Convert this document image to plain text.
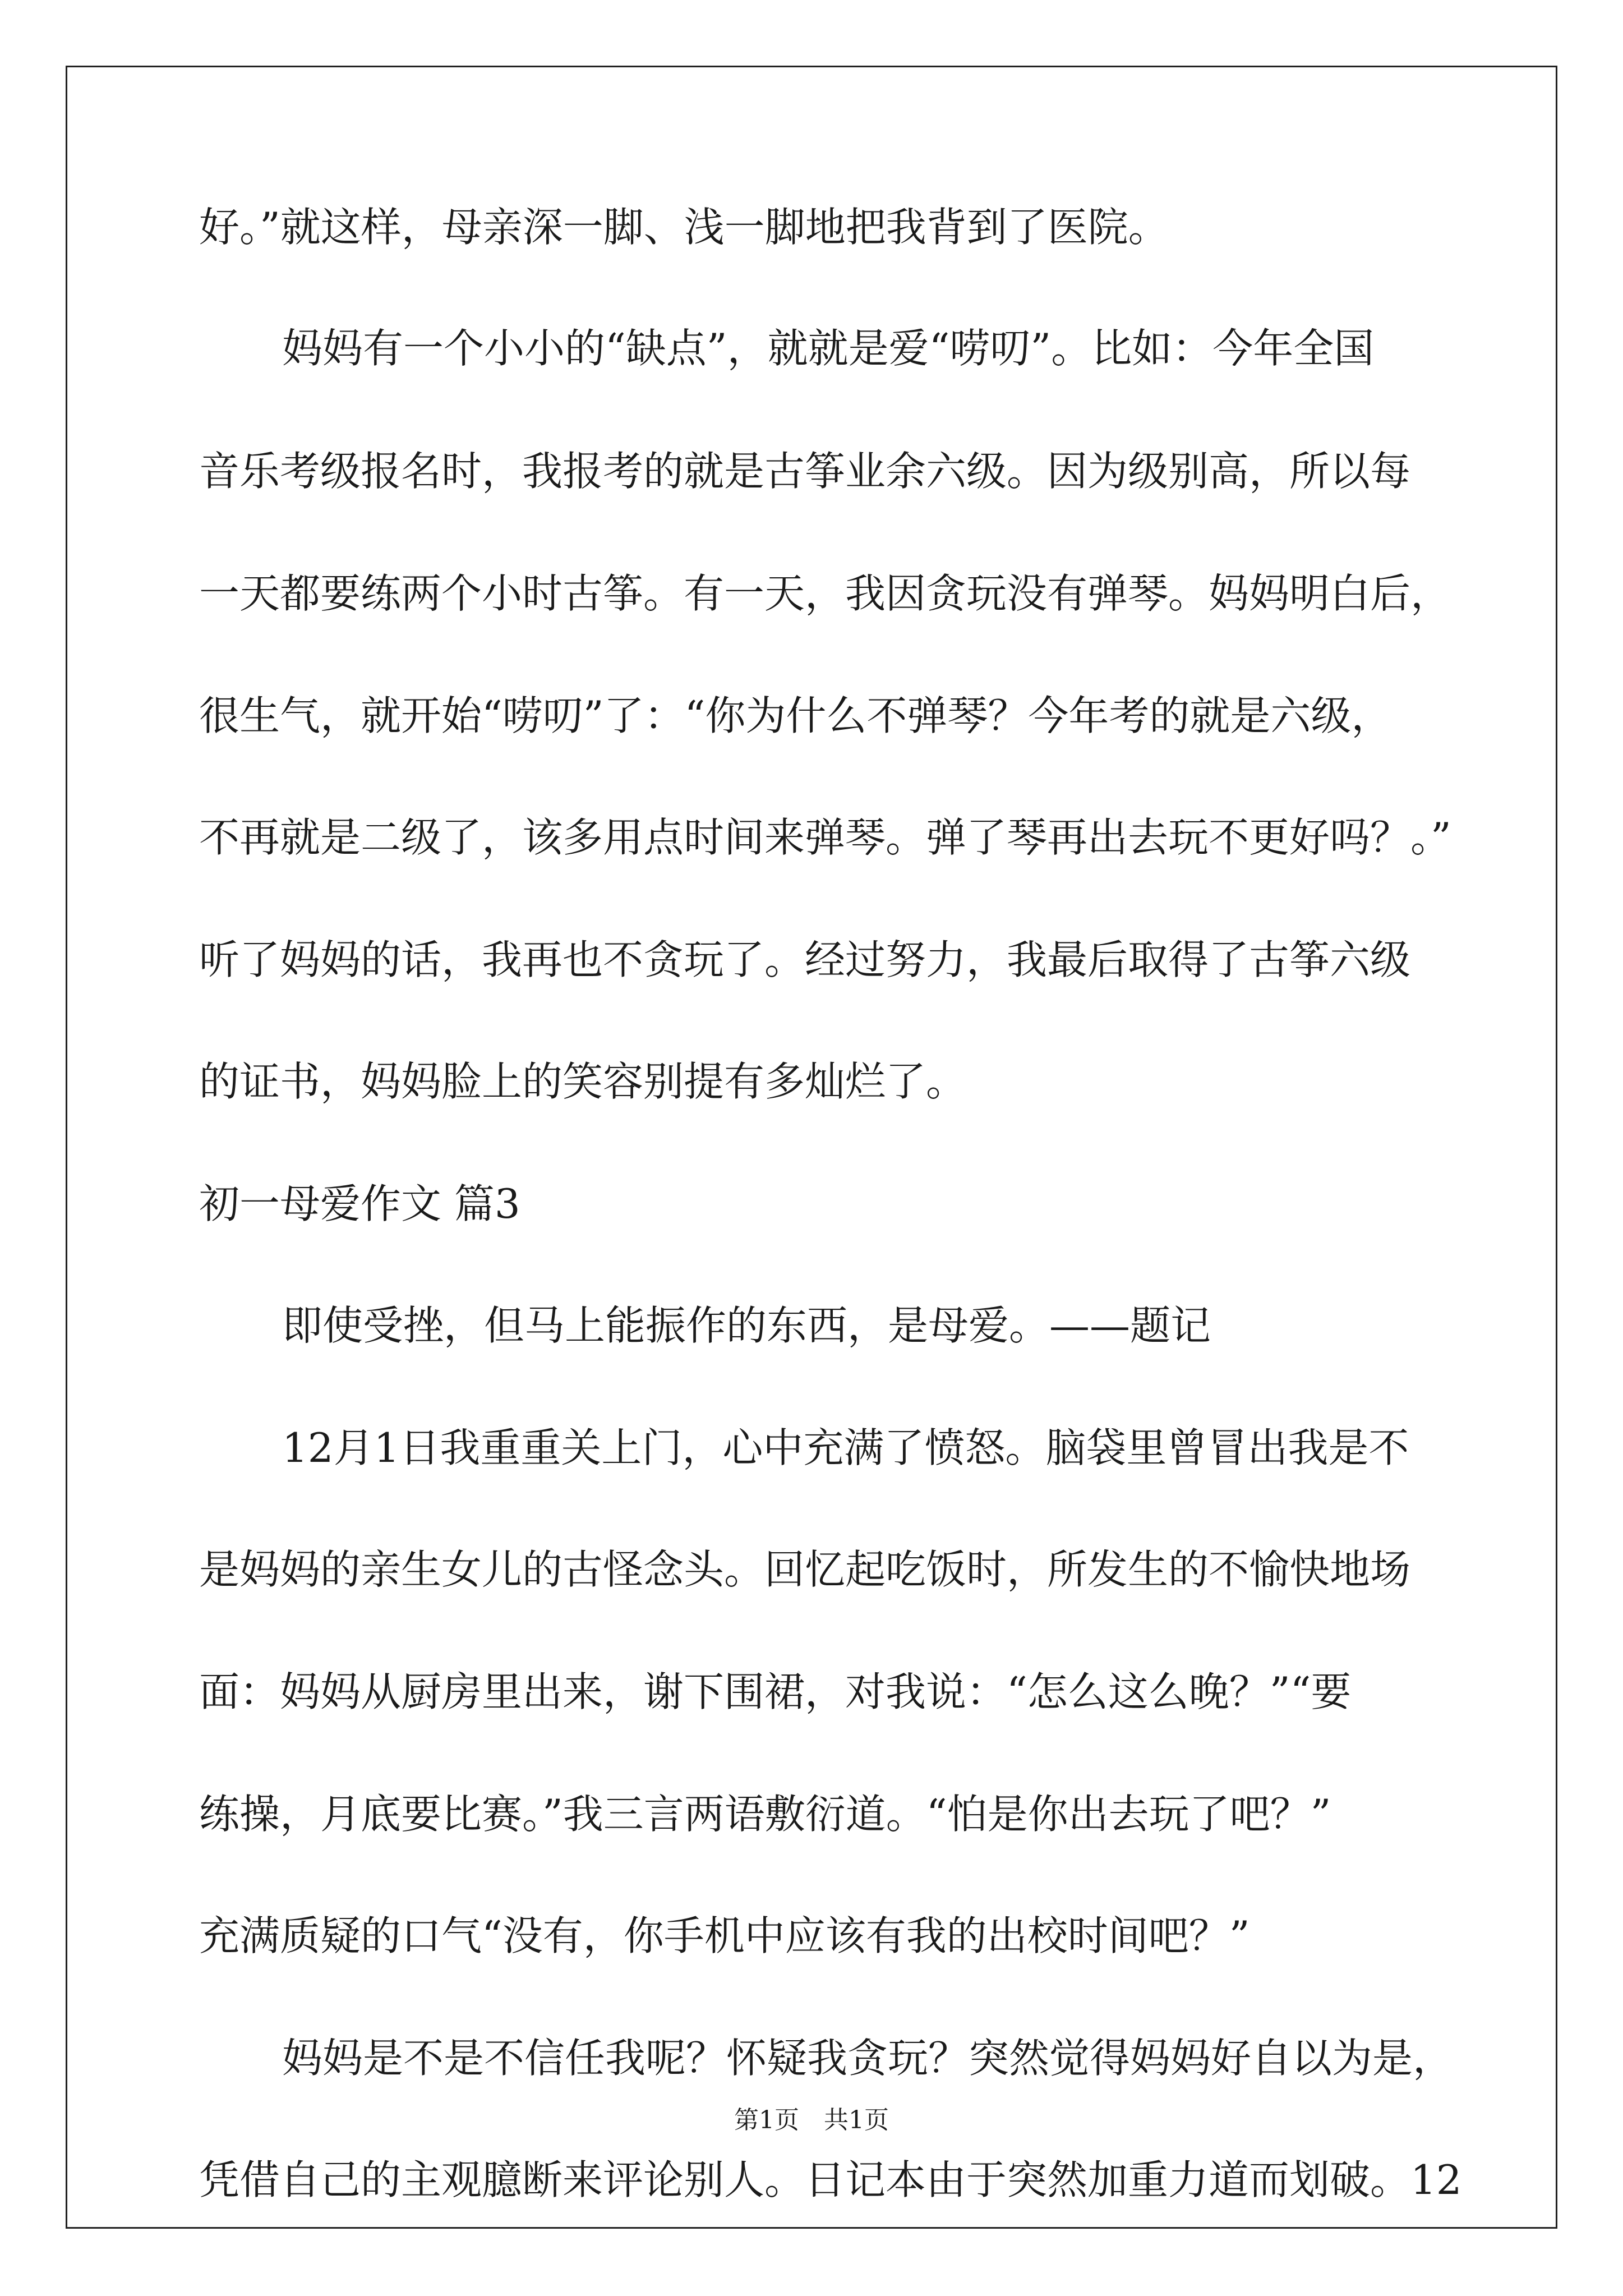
好。”就这样，母亲深一脚、浅一脚地把我背到了医院。
妈妈有一个小小的“缺点”，就就是爱“唠叨”。比如：今年全国
音乐考级报名时，我报考的就是古筝业余六级。因为级别高，所以每
一天都要练两个小时古筝。有一天，我因贪玩没有弹琴。妈妈明白后，
很生气，就开始“唠叨”了：“你为什么不弹琴？今年考的就是六级，
不再就是二级了，该多用点时间来弹琴。弹了琴再出去玩不更好吗？。”
听了妈妈的话，我再也不贪玩了。经过努力，我最后取得了古筝六级
的证书，妈妈脸上的笑容别提有多灿烂了。
初一母爱作文 篇3
即使受挫，但马上能振作的东西，是母爱。——题记
12月1日我重重关上门，心中充满了愤怒。脑袋里曾冒出我是不
是妈妈的亲生女儿的古怪念头。回忆起吃饭时，所发生的不愉快地场
面：妈妈从厨房里出来，谢下围裙，对我说：“怎么这么晚？”“要
练操，月底要比赛。”我三言两语敷衍道。“怕是你出去玩了吧？”
充满质疑的口气“没有，你手机中应该有我的出校时间吧？”
妈妈是不是不信任我呢？怀疑我贪玩？突然觉得妈妈好自以为是，
凭借自己的主观臆断来评论别人。日记本由于突然加重力道而划破。12
第1页　共1页
